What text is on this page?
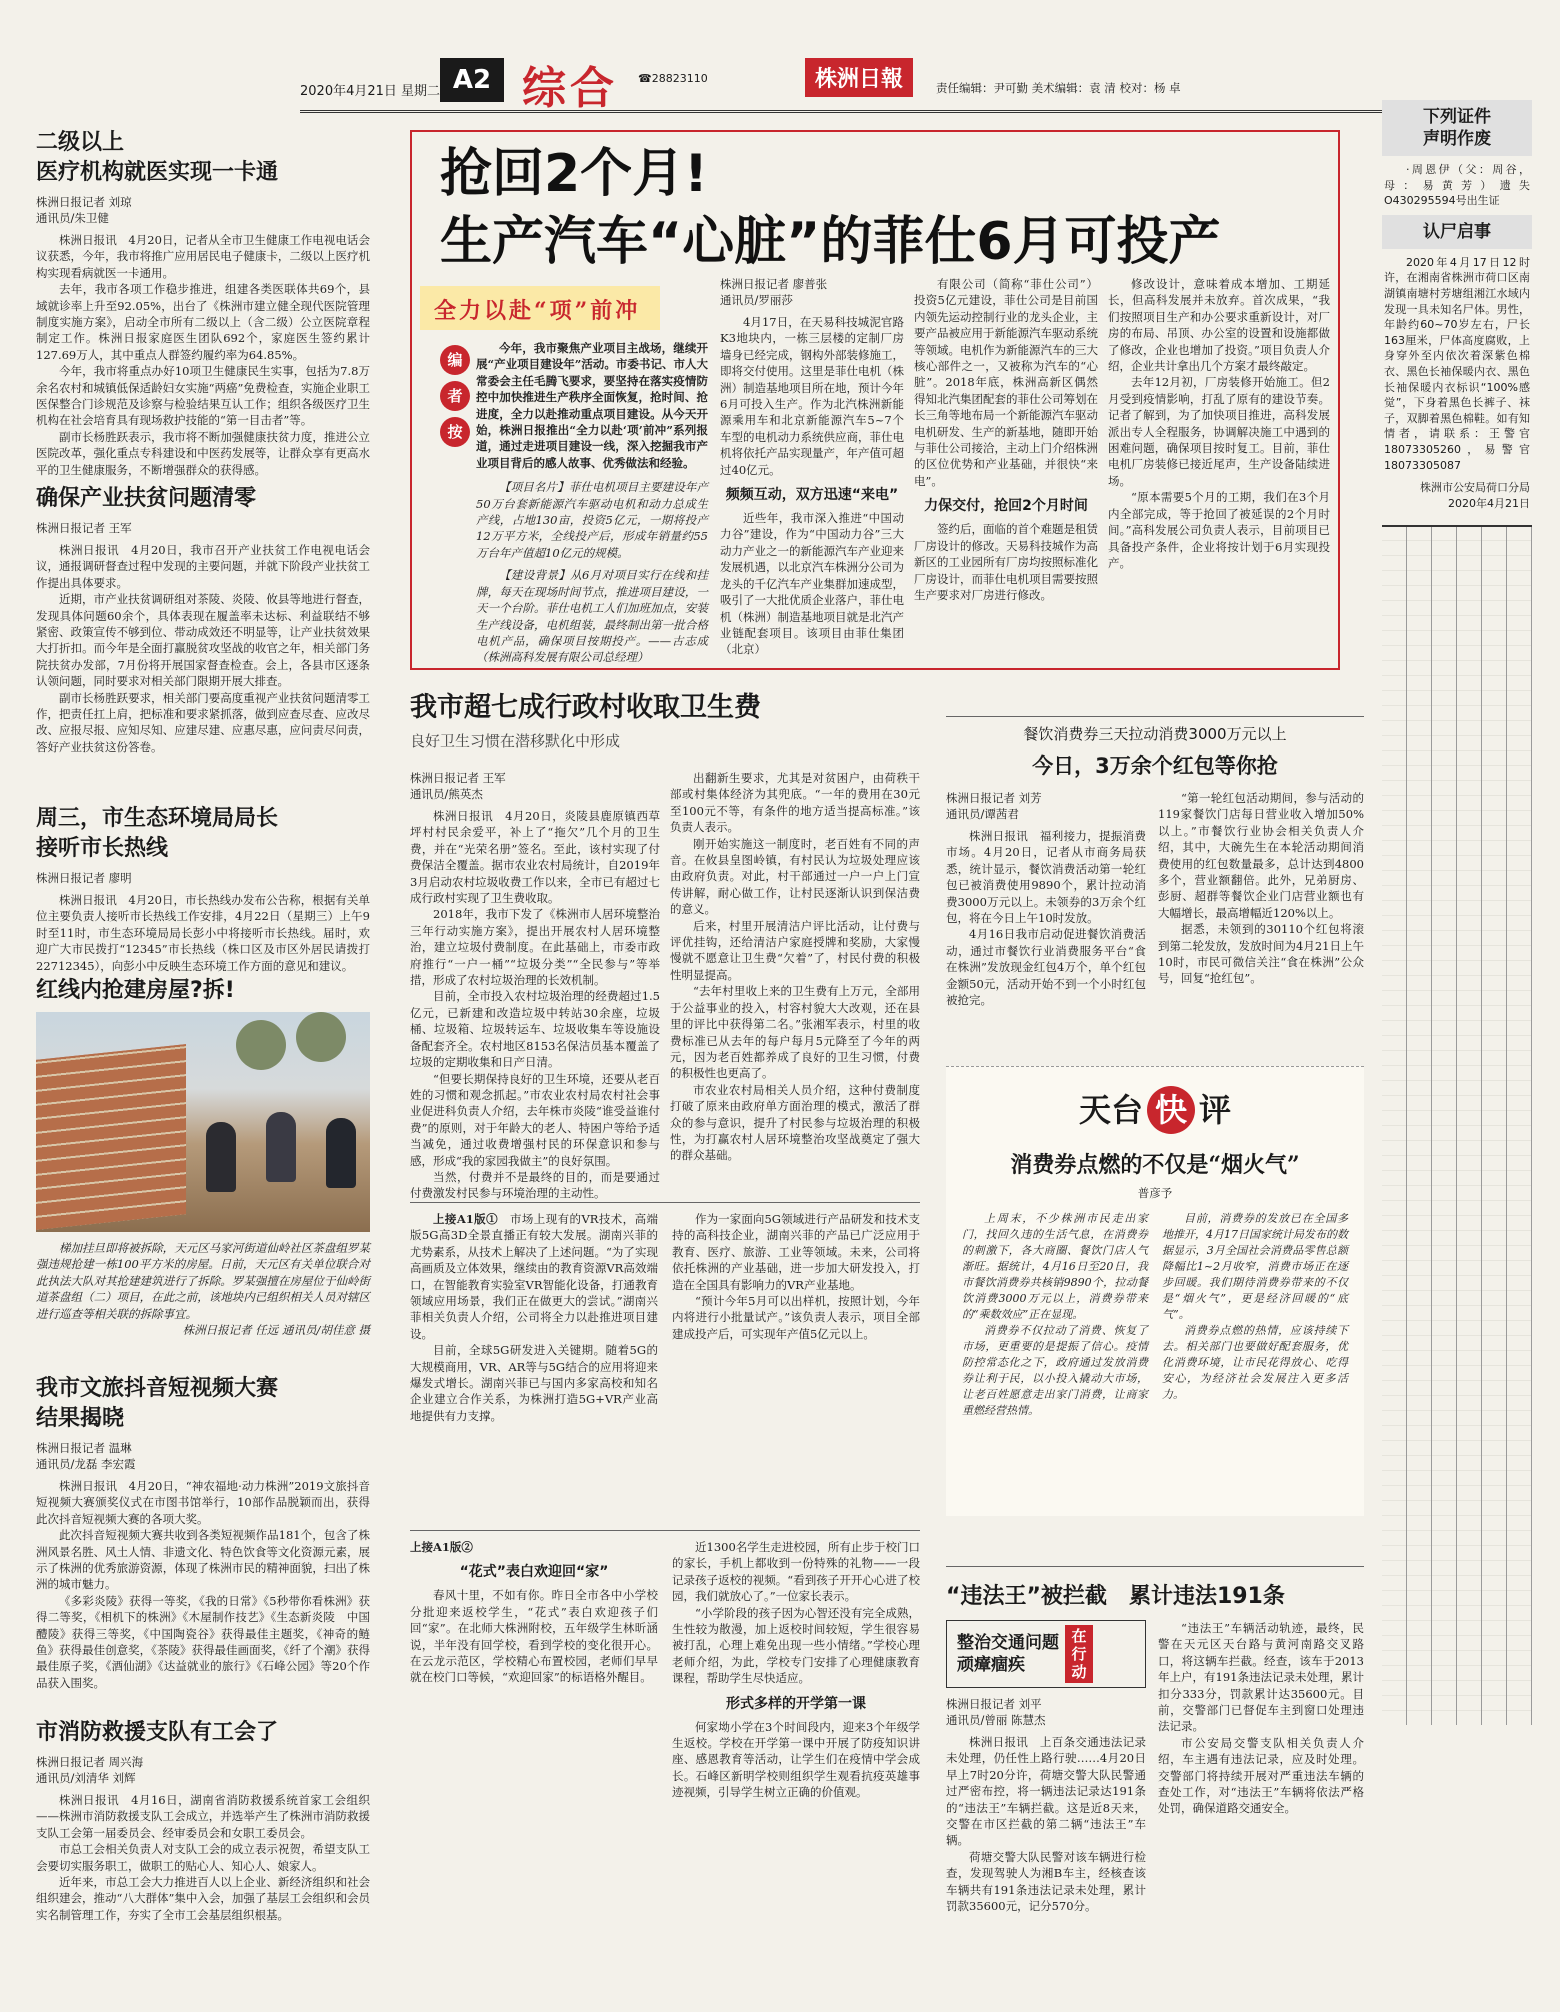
2020年4月21日 星期二 A2 综合 ☎28823110	株洲日報	责任编辑：尹可勤 美术编辑：袁 清 校对：杨 卓
二级以上
医疗机构就医实现一卡通
株洲日报记者 刘琼
通讯员/朱卫健

株洲日报讯　4月20日，记者从全市卫生健康工作电视电话会议获悉，今年，我市将推广应用居民电子健康卡，二级以上医疗机构实现看病就医一卡通用。

去年，我市各项工作稳步推进，组建各类医联体共69个，县域就诊率上升至92.05%，出台了《株洲市建立健全现代医院管理制度实施方案》，启动全市所有二级以上（含二级）公立医院章程制定工作。株洲日报家庭医生团队692个，家庭医生签约累计127.69万人，其中重点人群签约履约率为64.85%。

今年，我市将重点办好10项卫生健康民生实事，包括为7.8万余名农村和城镇低保适龄妇女实施“两癌”免费检查，实施企业职工医保整合门诊规范及诊察与检验结果互认工作；组织各级医疗卫生机构在社会培育具有现场救护技能的“第一目击者”等。

副市长杨胜跃表示，我市将不断加强健康扶贫力度，推进公立医院改革，强化重点专科建设和中医药发展等，让群众享有更高水平的卫生健康服务，不断增强群众的获得感。

确保产业扶贫问题清零
株洲日报记者 王军

株洲日报讯　4月20日，我市召开产业扶贫工作电视电话会议，通报调研督查过程中发现的主要问题，并就下阶段产业扶贫工作提出具体要求。

近期，市产业扶贫调研组对茶陵、炎陵、攸县等地进行督查，发现具体问题60余个，具体表现在履盖率未达标、利益联结不够紧密、政策宣传不够到位、带动成效还不明显等，让产业扶贫效果大打折扣。而今年是全面打赢脱贫攻坚战的收官之年，相关部门务院扶贫办发部，7月份将开展国家督查检查。会上，各县市区逐条认领问题，同时要求对相关部门限期开展大排查。

副市长杨胜跃要求，相关部门要高度重视产业扶贫问题清零工作，把责任扛上肩，把标准和要求紧抓落，做到应查尽查、应改尽改、应报尽报、应知尽知、应建尽建、应惠尽惠，应问责尽问责，答好产业扶贫这份答卷。

周三，市生态环境局局长
接听市长热线
株洲日报记者 廖明

株洲日报讯　4月20日，市长热线办发布公告称，根据有关单位主要负责人接听市长热线工作安排，4月22日（星期三）上午9时至11时，市生态环境局局长彭小中将接听市长热线。届时，欢迎广大市民拨打“12345”市长热线（株口区及市区外居民请拨打22712345），向彭小中反映生态环境工作方面的意见和建议。

红线内抢建房屋?拆!

梯加挂旦即将被拆除，天元区马家河街道仙岭社区茶盘组罗某强违规抢建一栋100平方米的房屋。日前，天元区有关单位联合对此执法大队对其抢建建筑进行了拆除。罗某强擅在房屋位于仙岭街道茶盘组（二）项目，在此之前，该地块内已组织相关人员对辖区进行巡查等相关联的拆除事宜。

株洲日报记者 任远 通讯员/胡佳意 摄

我市文旅抖音短视频大赛
结果揭晓
株洲日报记者 温琳
通讯员/龙磊 李宏霞

株洲日报讯　4月20日，“神农福地·动力株洲”2019文旅抖音短视频大赛颁奖仪式在市图书馆举行，10部作品脱颖而出，获得此次抖音短视频大赛的各项大奖。

此次抖音短视频大赛共收到各类短视频作品181个，包含了株洲风景名胜、风土人情、非遗文化、特色饮食等文化资源元素，展示了株洲的优秀旅游资源，体现了株洲市民的精神面貌，扫出了株洲的城市魅力。

《多彩炎陵》获得一等奖，《我的日常》《5秒带你看株洲》获得二等奖，《相机下的株洲》《木屋制作技艺》《生态新炎陵　中国醴陵》获得三等奖，《中国陶瓷谷》获得最佳主题奖，《神奇的鲢鱼》获得最佳创意奖，《茶陵》获得最佳画面奖，《纤了个潮》获得最佳原子奖，《酒仙湖》《达益就业的旅行》《石峰公园》等20个作品获入围奖。

市消防救援支队有工会了
株洲日报记者 周兴海
通讯员/刘清华 刘辉

株洲日报讯　4月16日，湖南省消防救援系统首家工会组织——株洲市消防救援支队工会成立，并选举产生了株洲市消防救援支队工会第一届委员会、经审委员会和女职工委员会。

市总工会相关负责人对支队工会的成立表示祝贺，希望支队工会要切实服务职工，做职工的贴心人、知心人、娘家人。

近年来，市总工会大力推进百人以上企业、新经济组织和社会组织建会，推动“八大群体”集中入会，加强了基层工会组织和会员实名制管理工作，夯实了全市工会基层组织根基。

抢回2个月!
生产汽车“心脏”的菲仕6月可投产
全力以赴“项”前冲
编
者
按

今年，我市聚焦产业项目主战场，继续开展“产业项目建设年”活动。市委书记、市人大常委会主任毛腾飞要求，要坚持在落实疫情防控中加快推进生产秩序全面恢复，抢时间、抢进度，全力以赴推动重点项目建设。从今天开始，株洲日报推出“全力以赴‘项’前冲”系列报道，通过走进项目建设一线，深入挖掘我市产业项目背后的感人故事、优秀做法和经验。

【项目名片】菲仕电机项目主要建设年产50万台套新能源汽车驱动电机和动力总成生产线，占地130亩，投资5亿元，一期将投产12万平方米，全线投产后，形成年销量约55万台年产值超10亿元的规模。

【建设背景】从6月对项目实行在线和挂牌，每天在现场时间节点，推进项目建设，一天一个台阶。菲仕电机工人们加班加点，安装生产线设备，电机组装，最终制出第一批合格电机产品，确保项目按期投产。——古志成（株洲高科发展有限公司总经理）

株洲日报记者 廖普张
通讯员/罗丽莎

4月17日，在天易科技城泥官路K3地块内，一栋三层楼的定制厂房墙身已经完成，钢构外部装修施工，即将交付使用。这里是菲仕电机（株洲）制造基地项目所在地，预计今年6月可投入生产。作为北汽株洲新能源乘用车和北京新能源汽车5~7个车型的电机动力系统供应商，菲仕电机将依托产品实现量产，年产值可超过40亿元。

频频互动，双方迅速“来电”

近些年，我市深入推进“中国动力谷”建设，作为“中国动力谷”三大动力产业之一的新能源汽车产业迎来发展机遇，以北京汽车株洲分公司为龙头的千亿汽车产业集群加速成型，吸引了一大批优质企业落户，菲仕电机（株洲）制造基地项目就是北汽产业链配套项目。该项目由菲仕集团（北京）

有限公司（简称“菲仕公司”）投资5亿元建设，菲仕公司是目前国内领先运动控制行业的龙头企业，主要产品被应用于新能源汽车驱动系统等领域。电机作为新能源汽车的三大核心部件之一，又被称为汽车的“心脏”。2018年底，株洲高新区偶然得知北汽集团配套的菲仕公司筹划在长三角等地布局一个新能源汽车驱动电机研发、生产的新基地，随即开始与菲仕公司接洽，主动上门介绍株洲的区位优势和产业基础，并很快“来电”。

力保交付，抢回2个月时间

签约后，面临的首个难题是租赁厂房设计的修改。天易科技城作为高新区的工业园所有厂房均按照标准化厂房设计，而菲仕电机项目需要按照生产要求对厂房进行修改。

修改设计，意味着成本增加、工期延长，但高科发展并未放弃。首次成果，“我们按照项目生产和办公要求重新设计，对厂房的布局、吊顶、办公室的设置和设施都做了修改，企业也增加了投资。”项目负责人介绍，企业共计拿出几个方案才最终敲定。

去年12月初，厂房装修开始施工。但2月受到疫情影响，打乱了原有的建设节奏。记者了解到，为了加快项目推进，高科发展派出专人全程服务，协调解决施工中遇到的困难问题，确保项目按时复工。目前，菲仕电机厂房装修已接近尾声，生产设备陆续进场。

“原本需要5个月的工期，我们在3个月内全部完成，等于抢回了被延误的2个月时间。”高科发展公司负责人表示，目前项目已具备投产条件，企业将按计划于6月实现投产。

我市超七成行政村收取卫生费
良好卫生习惯在潜移默化中形成
株洲日报记者 王军
通讯员/熊英杰

株洲日报讯　4月20日，炎陵县鹿原镇西草坪村村民余爱平，补上了“拖欠”几个月的卫生费，并在“光荣名册”签名。至此，该村实现了付费保洁全覆盖。据市农业农村局统计，自2019年3月启动农村垃圾收费工作以来，全市已有超过七成行政村实现了卫生费收取。

2018年，我市下发了《株洲市人居环境整治三年行动实施方案》，提出开展农村人居环境整治，建立垃圾付费制度。在此基础上，市委市政府推行“一户一桶”“垃圾分类”“全民参与”等举措，形成了农村垃圾治理的长效机制。

目前，全市投入农村垃圾治理的经费超过1.5亿元，已新建和改造垃圾中转站30余座，垃圾桶、垃圾箱、垃圾转运车、垃圾收集车等设施设备配套齐全。农村地区8153名保洁员基本覆盖了垃圾的定期收集和日产日清。

“但要长期保持良好的卫生环境，还要从老百姓的习惯和观念抓起。”市农业农村局农村社会事业促进科负责人介绍，去年株市炎陵“谁受益谁付费”的原则，对于年龄大的老人、特困户等给予适当减免，通过收费增强村民的环保意识和参与感，形成“我的家园我做主”的良好氛围。

当然，付费并不是最终的目的，而是要通过付费激发村民参与环境治理的主动性。

出翻新生要求，尤其是对贫困户，由荷秩干部或村集体经济为其兜底。“一年的费用在30元至100元不等，有条件的地方适当提高标准。”该负责人表示。

刚开始实施这一制度时，老百姓有不同的声音。在攸县皇图岭镇，有村民认为垃圾处理应该由政府负责。对此，村干部通过一户一户上门宣传讲解，耐心做工作，让村民逐渐认识到保洁费的意义。

后来，村里开展清洁户评比活动，让付费与评优挂钩，还给清洁户家庭授牌和奖励，大家慢慢就不愿意让卫生费“欠着”了，村民付费的积极性明显提高。

“去年村里收上来的卫生费有上万元，全部用于公益事业的投入，村容村貌大大改观，还在县里的评比中获得第二名。”张湘军表示，村里的收费标准已从去年的每户每月5元降至了今年的两元，因为老百姓都养成了良好的卫生习惯，付费的积极性也更高了。

市农业农村局相关人员介绍，这种付费制度打破了原来由政府单方面治理的模式，激活了群众的参与意识，提升了村民参与垃圾治理的积极性，为打赢农村人居环境整治攻坚战奠定了强大的群众基础。

餐饮消费券三天拉动消费3000万元以上
今日，3万余个红包等你抢
株洲日报记者 刘芳
通讯员/谭茜君

株洲日报讯　福利接力，提振消费市场。4月20日，记者从市商务局获悉，统计显示，餐饮消费活动第一轮红包已被消费使用9890个，累计拉动消费3000万元以上。未领券的3万余个红包，将在今日上午10时发放。

4月16日我市启动促进餐饮消费活动，通过市餐饮行业消费服务平台“食在株洲”发放现金红包4万个，单个红包金额50元，活动开始不到一个小时红包被抢完。

“第一轮红包活动期间，参与活动的119家餐饮门店每日营业收入增加50%以上。”市餐饮行业协会相关负责人介绍，其中，大碗先生在本轮活动期间消费使用的红包数量最多，总计达到4800多个，营业额翻倍。此外，兄弟厨房、彭厨、超群等餐饮企业门店营业额也有大幅增长，最高增幅近120%以上。

据悉，未领到的30110个红包将滚到第二轮发放，发放时间为4月21日上午10时，市民可微信关注“食在株洲”公众号，回复“抢红包”。

天台 快 评
消费券点燃的不仅是“烟火气”
普彦予

上周末，不少株洲市民走出家门，找回久违的生活气息，在消费券的刺激下，各大商圈、餐饮门店人气渐旺。据统计，4月16日至20日，我市餐饮消费券共核销9890个，拉动餐饮消费3000万元以上，消费券带来的“乘数效应”正在显现。

消费券不仅拉动了消费、恢复了市场，更重要的是提振了信心。疫情防控常态化之下，政府通过发放消费券让利于民，以小投入撬动大市场，让老百姓愿意走出家门消费，让商家重燃经营热情。

目前，消费券的发放已在全国多地推开，4月17日国家统计局发布的数据显示，3月全国社会消费品零售总额降幅比1~2月收窄，消费市场正在逐步回暖。我们期待消费券带来的不仅是“烟火气”，更是经济回暖的“底气”。

消费券点燃的热情，应该持续下去。相关部门也要做好配套服务，优化消费环境，让市民花得放心、吃得安心，为经济社会发展注入更多活力。

上接A1版①　 市场上现有的VR技术，高端版5G高3D全景直播正有较大发展。湖南兴菲的尤势素系，从技术上解决了上述问题。“为了实现高画质及立体效果，继续由的教育资源VR高效端口，在智能教育实验室VR智能化设备，打通教育领域应用场景，我们正在做更大的尝试。”湖南兴菲相关负责人介绍，公司将全力以赴推进项目建设。

目前，全球5G研发进入关键期。随着5G的大规模商用，VR、AR等与5G结合的应用将迎来爆发式增长。湖南兴菲已与国内多家高校和知名企业建立合作关系，为株洲打造5G+VR产业高地提供有力支撑。

作为一家面向5G领域进行产品研发和技术支持的高科技企业，湖南兴菲的产品已广泛应用于教育、医疗、旅游、工业等领域。未来，公司将依托株洲的产业基础，进一步加大研发投入，打造在全国具有影响力的VR产业基地。

“预计今年5月可以出样机，按照计划，今年内将进行小批量试产。”该负责人表示，项目全部建成投产后，可实现年产值5亿元以上。

上接A1版②

“花式”表白欢迎回“家”

春风十里，不如有你。昨日全市各中小学校分批迎来返校学生，“花式”表白欢迎孩子们回“家”。在北师大株洲附校，五年级学生林昕涵说，半年没有回学校，看到学校的变化很开心。在云龙示范区，学校精心布置校园，老师们早早就在校门口等候，“欢迎回家”的标语格外醒目。

近1300名学生走进校园，所有止步于校门口的家长，手机上都收到一份特殊的礼物——一段记录孩子返校的视频。“看到孩子开开心心进了校园，我们就放心了。”一位家长表示。

“小学阶段的孩子因为心智还没有完全成熟，生性较为散漫，加上返校时间较短，学生很容易被打乱，心理上难免出现一些小情绪。”学校心理老师介绍，为此，学校专门安排了心理健康教育课程，帮助学生尽快适应。

形式多样的开学第一课

何家坳小学在3个时间段内，迎来3个年级学生返校。学校在开学第一课中开展了防疫知识讲座、感恩教育等活动，让学生们在疫情中学会成长。石峰区新明学校则组织学生观看抗疫英雄事迹视频，引导学生树立正确的价值观。

“违法王”被拦截　 累计违法191条
整治交通问题
顽瘴痼疾
在行动
株洲日报记者 刘平
通讯员/曾丽 陈慧杰

株洲日报讯　上百条交通违法记录未处理，仍任性上路行驶……4月20日早上7时20分许，荷塘交警大队民警通过严密布控，将一辆违法记录达191条的“违法王”车辆拦截。这是近8天来，交警在市区拦截的第二辆“违法王”车辆。

荷塘交警大队民警对该车辆进行检查，发现驾驶人为湘B车主，经核查该车辆共有191条违法记录未处理，累计罚款35600元，记分570分。

“违法王”车辆活动轨迹，最终，民警在天元区天台路与黄河南路交叉路口，将这辆车拦截。经查，该车于2013年上户，有191条违法记录未处理，累计扣分333分，罚款累计达35600元。目前，交警部门已督促车主到窗口处理违法记录。

市公安局交警支队相关负责人介绍，车主遇有违法记录，应及时处理。交警部门将持续开展对严重违法车辆的查处工作，对“违法王”车辆将依法严格处罚，确保道路交通安全。

下列证件
声明作废

·周恩伊（父：周谷，母：易黄芳）遗失O430295594号出生证

认尸启事

2020年4月17日12时许，在湘南省株洲市荷口区南湖镇南塘村芳塘组湘江水域内发现一具未知名尸体。男性，年龄约60~70岁左右，尸长163厘米，尸体高度腐败，上身穿外至内依次着深紫色棉衣、黑色长袖保暖内衣、黑色长袖保暖内衣标识“100%感觉”，下身着黑色长裤子、袜子，双脚着黑色棉鞋。如有知情者，请联系：王警官18073305260，易警官18073305087

株洲市公安局荷口分局
2020年4月21日
